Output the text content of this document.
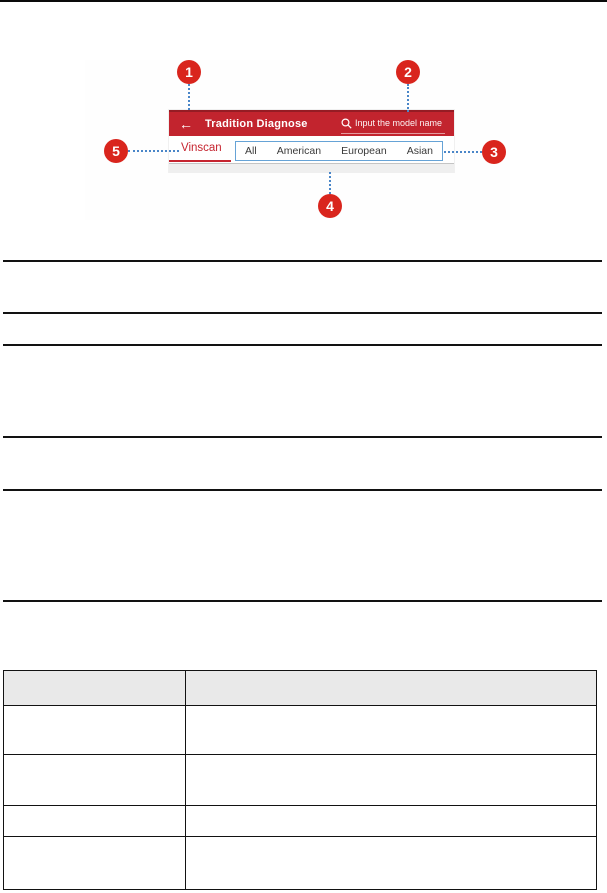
← Tradition Diagnose	Input the model name
Vinscan All American European Asian
1	2
3
4
5
